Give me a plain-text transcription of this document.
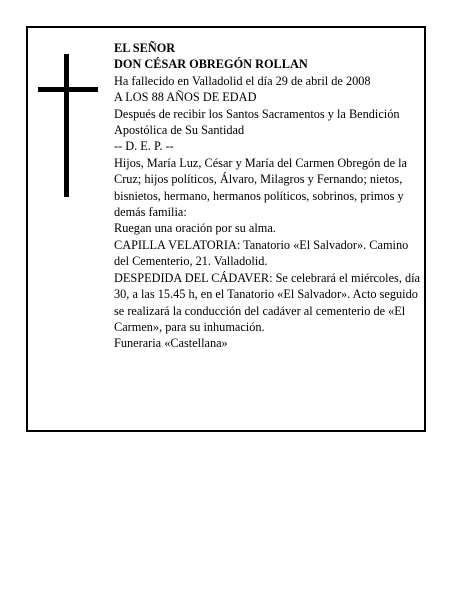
EL SEÑOR

DON CÉSAR OBREGÓN ROLLAN

Ha fallecido en Valladolid el día 29 de abril de 2008

A LOS 88 AÑOS DE EDAD

Después de recibir los Santos Sacramentos y la Bendición Apostólica de Su Santidad

-- D. E. P. --

Hijos, María Luz, César y María del Carmen Obregón de la Cruz; hijos políticos, Álvaro, Milagros y Fernando; nietos, bisnietos, hermano, hermanos políticos, sobrinos, primos y demás familia:

Ruegan una oración por su alma.

CAPILLA VELATORIA: Tanatorio «El Salvador». Camino del Cementerio, 21. Valladolid.

DESPEDIDA DEL CÁDAVER: Se celebrará el miércoles, día 30, a las 15.45 h, en el Tanatorio «El Salvador». Acto seguido se realizará la conducción del cadáver al cementerio de «El Carmen», para su inhumación.

Funeraria «Castellana»
